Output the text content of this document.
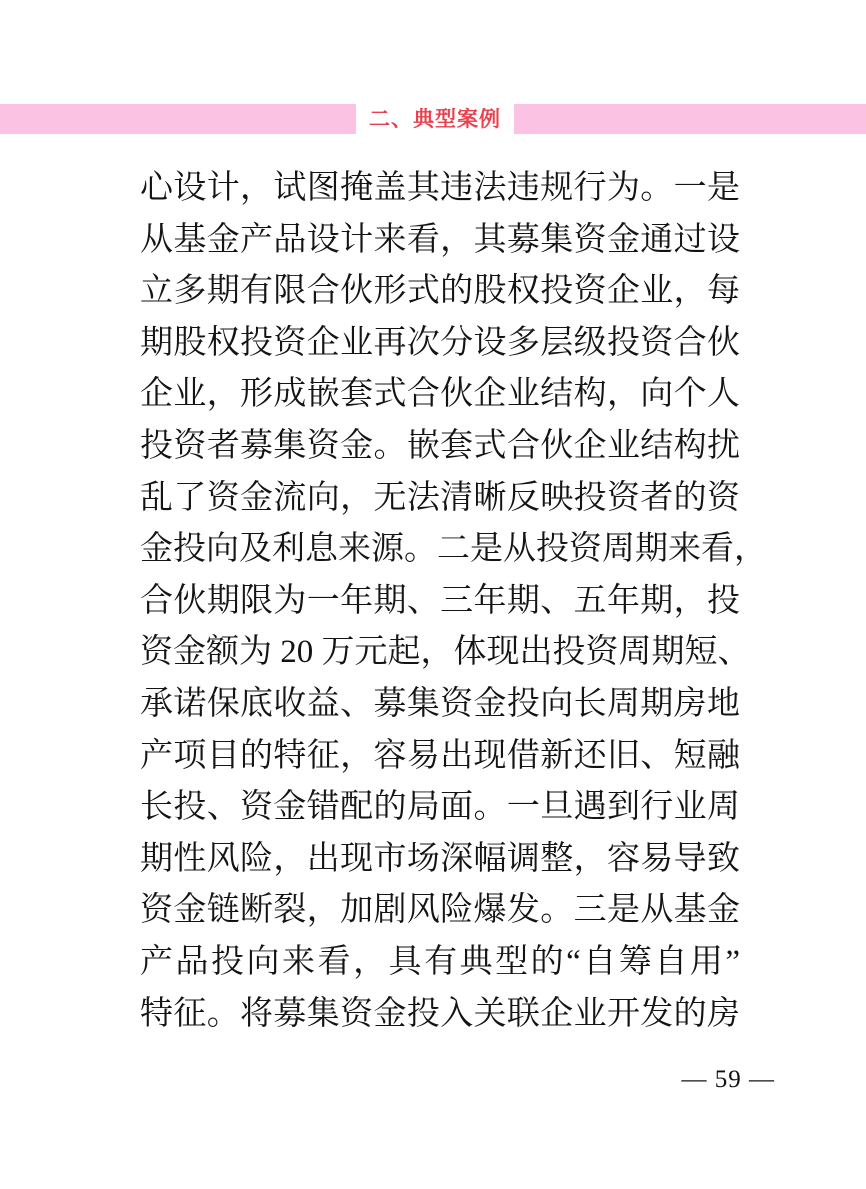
二、典型案例
心设计，试图掩盖其违法违规行为。一是
从基金产品设计来看，其募集资金通过设
立多期有限合伙形式的股权投资企业，每
期股权投资企业再次分设多层级投资合伙
企业，形成嵌套式合伙企业结构，向个人
投资者募集资金。嵌套式合伙企业结构扰
乱了资金流向，无法清晰反映投资者的资
金投向及利息来源。二是从投资周期来看，
合伙期限为一年期、三年期、五年期，投
资金额为 20 万元起，体现出投资周期短、
承诺保底收益、募集资金投向长周期房地
产项目的特征，容易出现借新还旧、短融
长投、资金错配的局面。一旦遇到行业周
期性风险，出现市场深幅调整，容易导致
资金链断裂，加剧风险爆发。三是从基金
产品投向来看，具有典型的“自筹自用”
特征。将募集资金投入关联企业开发的房
— 59 —
